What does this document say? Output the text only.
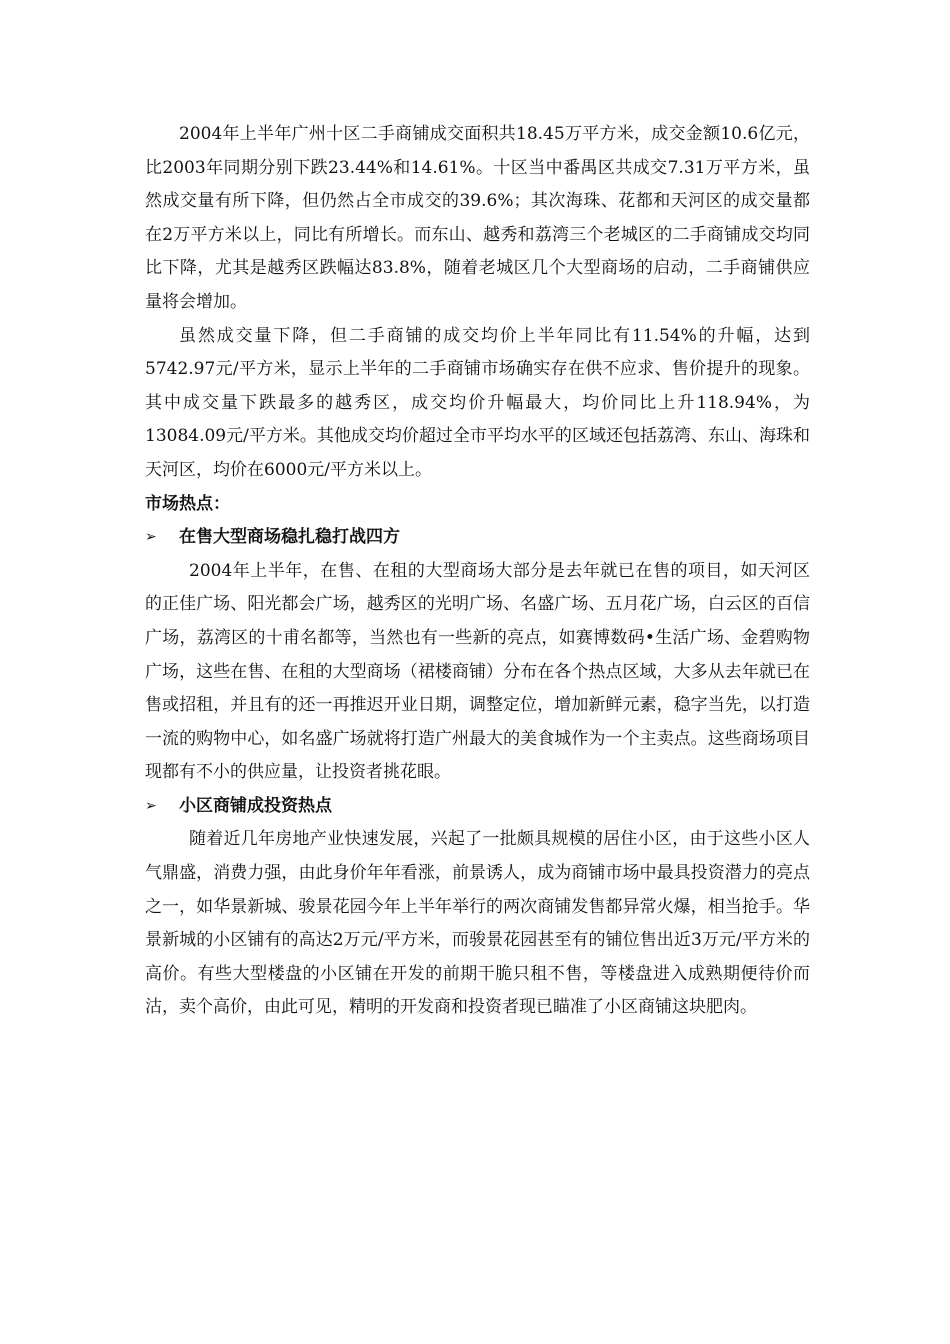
2004年上半年广州十区二手商铺成交面积共18.45万平方米，成交金额10.6亿元，比2003年同期分别下跌23.44%和14.61%。十区当中番禺区共成交7.31万平方米，虽然成交量有所下降，但仍然占全市成交的39.6%；其次海珠、花都和天河区的成交量都在2万平方米以上，同比有所增长。而东山、越秀和荔湾三个老城区的二手商铺成交均同比下降，尤其是越秀区跌幅达83.8%，随着老城区几个大型商场的启动，二手商铺供应量将会增加。

虽然成交量下降，但二手商铺的成交均价上半年同比有11.54%的升幅，达到5742.97元/平方米，显示上半年的二手商铺市场确实存在供不应求、售价提升的现象。其中成交量下跌最多的越秀区，成交均价升幅最大，均价同比上升118.94%，为13084.09元/平方米。其他成交均价超过全市平均水平的区域还包括荔湾、东山、海珠和天河区，均价在6000元/平方米以上。

市场热点：

➢	在售大型商场稳扎稳打战四方

2004年上半年，在售、在租的大型商场大部分是去年就已在售的项目，如天河区的正佳广场、阳光都会广场，越秀区的光明广场、名盛广场、五月花广场，白云区的百信广场，荔湾区的十甫名都等，当然也有一些新的亮点，如赛博数码•生活广场、金碧购物广场，这些在售、在租的大型商场（裙楼商铺）分布在各个热点区域，大多从去年就已在售或招租，并且有的还一再推迟开业日期，调整定位，增加新鲜元素，稳字当先，以打造一流的购物中心，如名盛广场就将打造广州最大的美食城作为一个主卖点。这些商场项目现都有不小的供应量，让投资者挑花眼。

➢	小区商铺成投资热点

随着近几年房地产业快速发展，兴起了一批颇具规模的居住小区，由于这些小区人气鼎盛，消费力强，由此身价年年看涨，前景诱人，成为商铺市场中最具投资潜力的亮点之一，如华景新城、骏景花园今年上半年举行的两次商铺发售都异常火爆，相当抢手。华景新城的小区铺有的高达2万元/平方米，而骏景花园甚至有的铺位售出近3万元/平方米的高价。有些大型楼盘的小区铺在开发的前期干脆只租不售，等楼盘进入成熟期便待价而沽，卖个高价，由此可见，精明的开发商和投资者现已瞄准了小区商铺这块肥肉。
